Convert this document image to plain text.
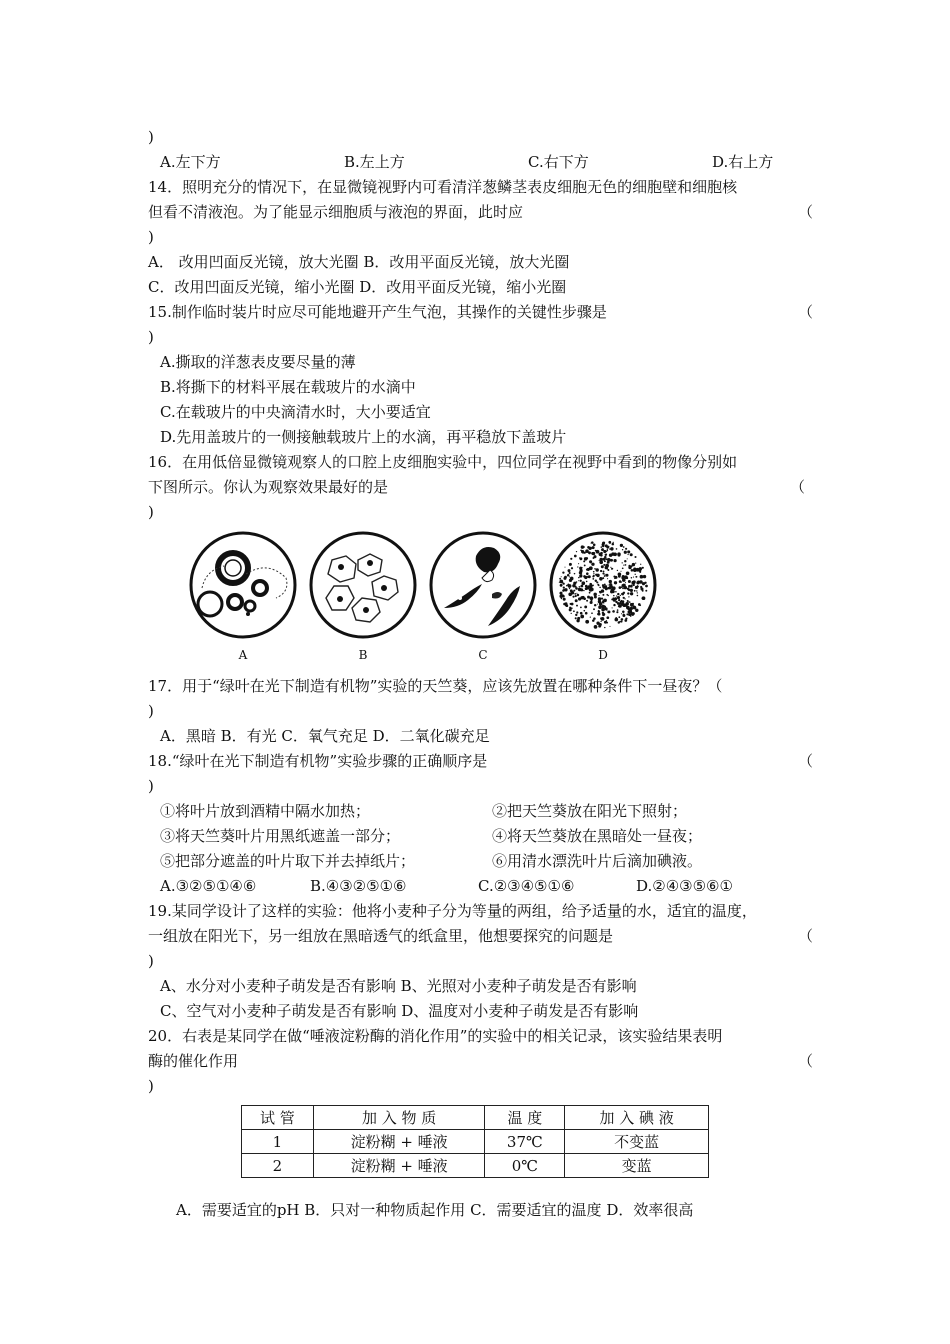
)
A.左下方	B.左上方	C.右下方	D.右上方
14．照明充分的情况下，在显微镜视野内可看清洋葱鳞茎表皮细胞无色的细胞壁和细胞核
但看不清液泡。为了能显示细胞质与液泡的界面，此时应
)
A． 改用凹面反光镜，放大光圈 B．改用平面反光镜，放大光圈
C．改用凹面反光镜，缩小光圈 D．改用平面反光镜，缩小光圈
15.制作临时装片时应尽可能地避开产生气泡，其操作的关键性步骤是
)
A.撕取的洋葱表皮要尽量的薄
B.将撕下的材料平展在载玻片的水滴中
C.在载玻片的中央滴清水时，大小要适宜
D.先用盖玻片的一侧接触载玻片上的水滴，再平稳放下盖玻片
16．在用低倍显微镜观察人的口腔上皮细胞实验中，四位同学在视野中看到的物像分别如
下图所示。你认为观察效果最好的是
)
17．用于“绿叶在光下制造有机物”实验的天竺葵，应该先放置在哪种条件下一昼夜？（
)
A．黑暗 B．有光 C．氧气充足 D．二氧化碳充足
18.“绿叶在光下制造有机物”实验步骤的正确顺序是
)
①将叶片放到酒精中隔水加热；	②把天竺葵放在阳光下照射；
③将天竺葵叶片用黑纸遮盖一部分；	④将天竺葵放在黑暗处一昼夜；
⑤把部分遮盖的叶片取下并去掉纸片；	⑥用清水漂洗叶片后滴加碘液。
A.③②⑤①④⑥	B.④③②⑤①⑥	C.②③④⑤①⑥	D.②④③⑤⑥①
19.某同学设计了这样的实验：他将小麦种子分为等量的两组，给予适量的水，适宜的温度，
一组放在阳光下，另一组放在黑暗透气的纸盒里，他想要探究的问题是
)
A、水分对小麦种子萌发是否有影响 B、光照对小麦种子萌发是否有影响
C、空气对小麦种子萌发是否有影响 D、温度对小麦种子萌发是否有影响
20．右表是某同学在做“唾液淀粉酶的消化作用”的实验中的相关记录，该实验结果表明
酶的催化作用
)
A．需要适宜的pH B．只对一种物质起作用 C．需要适宜的温度 D．效率很高
（
（
（
（
（
（
A	B	C	D
试 管	加 入 物 质	温 度	加 入 碘 液
1	淀粉糊 + 唾液	37℃	不变蓝
2	淀粉糊 + 唾液	0℃	变蓝
